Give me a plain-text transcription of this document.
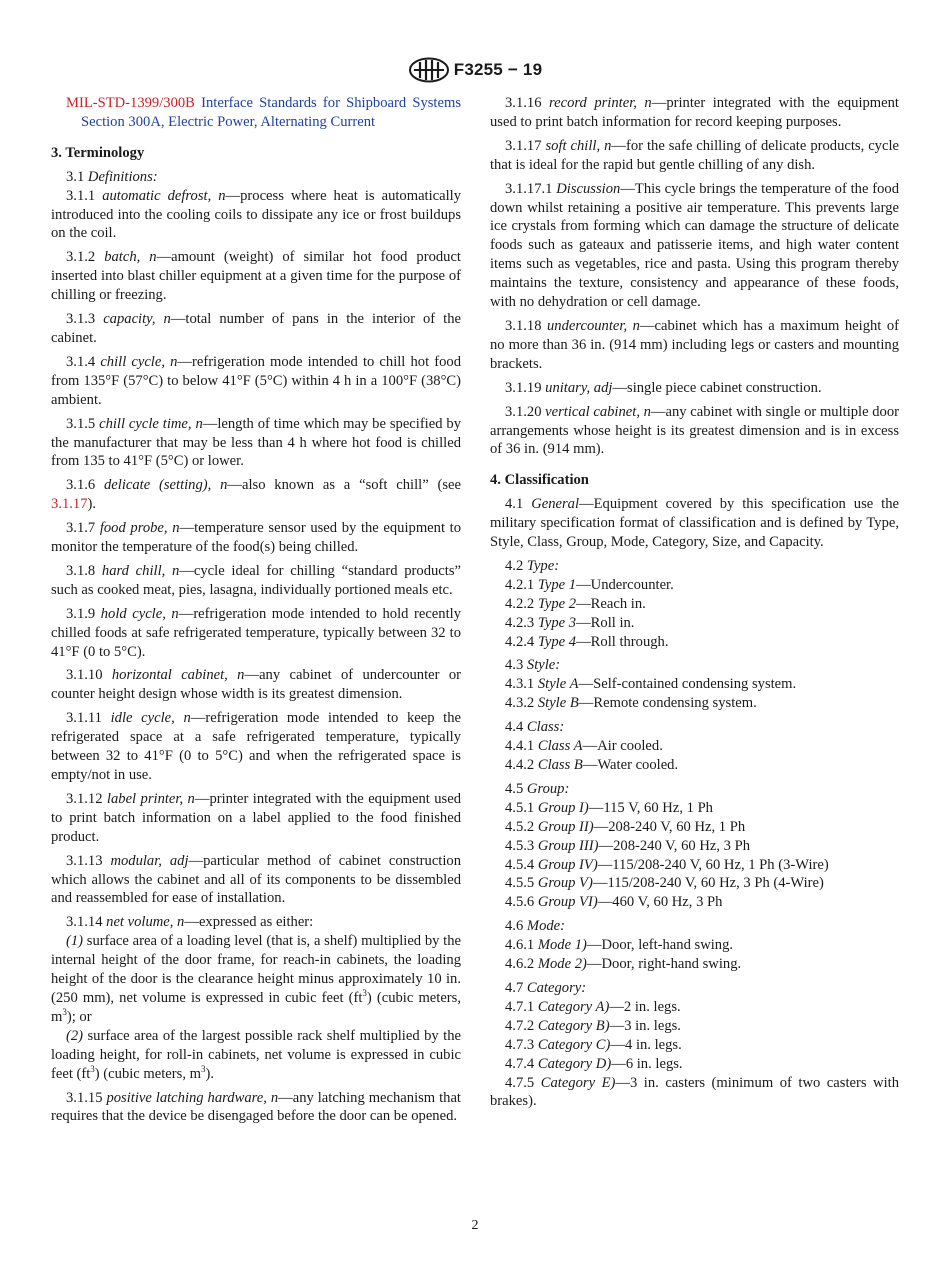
F3255 − 19

MIL-STD-1399/300B Interface Standards for Shipboard Systems Section 300A, Electric Power, Alternating Current

3. Terminology

3.1 Definitions:

3.1.1 automatic defrost, n—process where heat is automatically introduced into the cooling coils to dissipate any ice or frost buildups on the coil.

3.1.2 batch, n—amount (weight) of similar hot food product inserted into blast chiller equipment at a given time for the purpose of chilling or freezing.

3.1.3 capacity, n—total number of pans in the interior of the cabinet.

3.1.4 chill cycle, n—refrigeration mode intended to chill hot food from 135°F (57°C) to below 41°F (5°C) within 4 h in a 100°F (38°C) ambient.

3.1.5 chill cycle time, n—length of time which may be specified by the manufacturer that may be less than 4 h where hot food is chilled from 135 to 41°F (5°C) or lower.

3.1.6 delicate (setting), n—also known as a “soft chill” (see 3.1.17).

3.1.7 food probe, n—temperature sensor used by the equipment to monitor the temperature of the food(s) being chilled.

3.1.8 hard chill, n—cycle ideal for chilling “standard products” such as cooked meat, pies, lasagna, individually portioned meals etc.

3.1.9 hold cycle, n—refrigeration mode intended to hold recently chilled foods at safe refrigerated temperature, typically between 32 to 41°F (0 to 5°C).

3.1.10 horizontal cabinet, n—any cabinet of undercounter or counter height design whose width is its greatest dimension.

3.1.11 idle cycle, n—refrigeration mode intended to keep the refrigerated space at a safe refrigerated temperature, typically between 32 to 41°F (0 to 5°C) and when the refrigerated space is empty/not in use.

3.1.12 label printer, n—printer integrated with the equipment used to print batch information on a label applied to the food finished product.

3.1.13 modular, adj—particular method of cabinet construction which allows the cabinet and all of its components to be dissembled and reassembled for ease of installation.

3.1.14 net volume, n—expressed as either:

(1) surface area of a loading level (that is, a shelf) multiplied by the internal height of the door frame, for reach-in cabinets, the loading height of the door is the clearance height minus approximately 10 in. (250 mm), net volume is expressed in cubic feet $(ft^3)$ (cubic meters, $m^3$); or

(2) surface area of the largest possible rack shelf multiplied by the loading height, for roll-in cabinets, net volume is expressed in cubic feet $(ft^3)$ (cubic meters, $m^3$).

3.1.15 positive latching hardware, n—any latching mechanism that requires that the device be disengaged before the door can be opened.

3.1.16 record printer, n—printer integrated with the equipment used to print batch information for record keeping purposes.

3.1.17 soft chill, n—for the safe chilling of delicate products, cycle that is ideal for the rapid but gentle chilling of any dish.

3.1.17.1 Discussion—This cycle brings the temperature of the food down whilst retaining a positive air temperature. This prevents large ice crystals from forming which can damage the structure of delicate foods such as gateaux and patisserie items, and high water content items such as vegetables, rice and pasta. Using this program thereby maintains the texture, consistency and appearance of these foods, with no dehydration or cell damage.

3.1.18 undercounter, n—cabinet which has a maximum height of no more than 36 in. (914 mm) including legs or casters and mounting brackets.

3.1.19 unitary, adj—single piece cabinet construction.

3.1.20 vertical cabinet, n—any cabinet with single or multiple door arrangements whose height is its greatest dimension and is in excess of 36 in. (914 mm).

4. Classification

4.1 General—Equipment covered by this specification use the military specification format of classification and is defined by Type, Style, Class, Group, Mode, Category, Size, and Capacity.

4.2 Type:

4.2.1 Type 1—Undercounter.

4.2.2 Type 2—Reach in.

4.2.3 Type 3—Roll in.

4.2.4 Type 4—Roll through.

4.3 Style:

4.3.1 Style A—Self-contained condensing system.

4.3.2 Style B—Remote condensing system.

4.4 Class:

4.4.1 Class A—Air cooled.

4.4.2 Class B—Water cooled.

4.5 Group:

4.5.1 Group I)—115 V, 60 Hz, 1 Ph

4.5.2 Group II)—208-240 V, 60 Hz, 1 Ph

4.5.3 Group III)—208-240 V, 60 Hz, 3 Ph

4.5.4 Group IV)—115/208-240 V, 60 Hz, 1 Ph (3-Wire)

4.5.5 Group V)—115/208-240 V, 60 Hz, 3 Ph (4-Wire)

4.5.6 Group VI)—460 V, 60 Hz, 3 Ph

4.6 Mode:

4.6.1 Mode 1)—Door, left-hand swing.

4.6.2 Mode 2)—Door, right-hand swing.

4.7 Category:

4.7.1 Category A)—2 in. legs.

4.7.2 Category B)—3 in. legs.

4.7.3 Category C)—4 in. legs.

4.7.4 Category D)—6 in. legs.

4.7.5 Category E)—3 in. casters (minimum of two casters with brakes).

2
